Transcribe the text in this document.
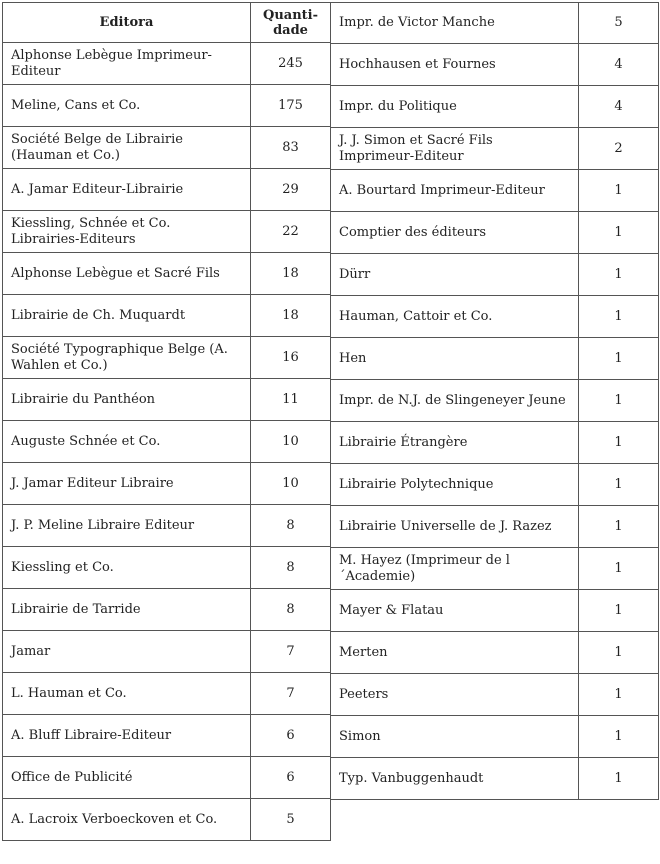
Editora	Quanti-
dade
Alphonse Lebègue Imprimeur-Editeur	245
Meline, Cans et Co.	175
Société Belge de Librairie (Hauman et Co.)	83
A. Jamar Editeur-Librairie	29
Kiessling, Schnée et Co. Librairies-Editeurs	22
Alphonse Lebègue et Sacré Fils	18
Librairie de Ch. Muquardt	18
Société Typographique Belge (A. Wahlen et Co.)	16
Librairie du Panthéon	11
Auguste Schnée et Co.	10
J. Jamar Editeur Libraire	10
J. P. Meline Libraire Editeur	8
Kiessling et Co.	8
Librairie de Tarride	8
Jamar	7
L. Hauman et Co.	7
A. Bluff Libraire-Editeur	6
Office de Publicité	6
A. Lacroix Verboeckoven et Co.	5
Impr. de Victor Manche	5
Hochhausen et Fournes	4
Impr. du Politique	4
J. J. Simon et Sacré Fils Imprimeur-Editeur	2
A. Bourtard Imprimeur-Editeur	1
Comptier des éditeurs	1
Dürr	1
Hauman, Cattoir et Co.	1
Hen	1
Impr. de N.J. de Slingeneyer Jeune	1
Librairie Étrangère	1
Librairie Polytechnique	1
Librairie Universelle de J. Razez	1
M. Hayez (Imprimeur de l´Academie)	1
Mayer & Flatau	1
Merten	1
Peeters	1
Simon	1
Typ. Vanbuggenhaudt	1
